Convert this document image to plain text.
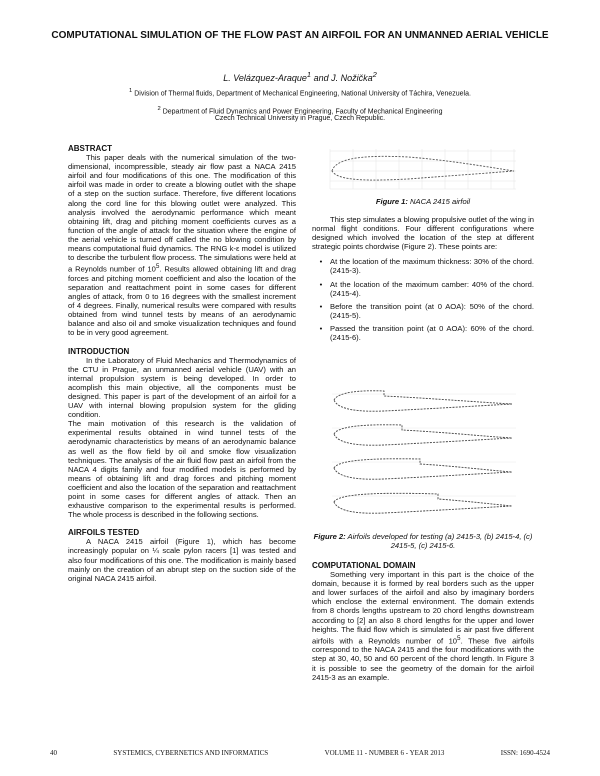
COMPUTATIONAL SIMULATION OF THE FLOW PAST AN AIRFOIL FOR AN UNMANNED AERIAL VEHICLE
L. Velázquez-Araque$^1$ and J. Nožička$^2$
$^1$ Division of Thermal fluids, Department of Mechanical Engineering, National University of Táchira, Venezuela.
$^2$ Department of Fluid Dynamics and Power Engineering, Faculty of Mechanical Engineering
Czech Technical University in Prague, Czech Republic.
ABSTRACT

This paper deals with the numerical simulation of the two-dimensional, incompressible, steady air flow past a NACA 2415 airfoil and four modifications of this one. The modification of this airfoil was made in order to create a blowing outlet with the shape of a step on the suction surface. Therefore, five different locations along the cord line for this blowing outlet were analyzed. This analysis involved the aerodynamic performance which meant obtaining lift, drag and pitching moment coefficients curves as a function of the angle of attack for the situation where the engine of the aerial vehicle is turned off called the no blowing condition by means computational fluid dynamics. The RNG k-ε model is utilized to describe the turbulent flow process. The simulations were held at a Reynolds number of $10^5$. Results allowed obtaining lift and drag forces and pitching moment coefficient and also the location of the separation and reattachment point in some cases for different angles of attack, from 0 to 16 degrees with the smallest increment of 4 degrees. Finally, numerical results were compared with results obtained from wind tunnel tests by means of an aerodynamic balance and also oil and smoke visualization techniques and found to be in very good agreement.

INTRODUCTION

In the Laboratory of Fluid Mechanics and Thermodynamics of the CTU in Prague, an unmanned aerial vehicle (UAV) with an internal propulsion system is being developed. In order to acomplish this main objective, all the components must be designed. This paper is part of the development of an airfoil for a UAV with internal blowing propulsion system for the gliding condition.

The main motivation of this research is the validation of experimental results obtained in wind tunnel tests of the aerodynamic characteristics by means of an aerodynamic balance as well as the flow field by oil and smoke flow visualization techniques. The analysis of the air fluid flow past an airfoil from the NACA 4 digits family and four modified models is performed by means of obtaining lift and drag forces and pitching moment coefficient and also the location of the separation and reattachment point in some cases for different angles of attack. Then an exhaustive comparison to the experimental results is performed. The whole process is described in the following sections.

AIRFOILS TESTED

A NACA 2415 airfoil (Figure 1), which has become increasingly popular on ¼ scale pylon racers [1] was tested and also four modifications of this one. The modification is mainly based mainly on the creation of an abrupt step on the suction side of the original NACA 2415 airfoil.

Figure 1: NACA 2415 airfoil

This step simulates a blowing propulsive outlet of the wing in normal flight conditions. Four different configurations where designed which involved the location of the step at different strategic points chordwise (Figure 2). These points are:

•	At the location of the maximum thickness: 30% of the chord. (2415-3).
•	At the location of the maximum camber: 40% of the chord. (2415-4).
•	Before the transition point (at 0 AOA): 50% of the chord. (2415-5).
•	Passed the transition point (at 0 AOA): 60% of the chord. (2415-6).
Figure 2: Airfoils developed for testing (a) 2415-3, (b) 2415-4, (c) 2415-5, (c) 2415-6.
COMPUTATIONAL DOMAIN

Something very important in this part is the choice of the domain, because it is formed by real borders such as the upper and lower surfaces of the airfoil and also by imaginary borders which enclose the external environment. The domain extends from 8 chords lengths upstream to 20 chord lengths downstream according to [2] an also 8 chord lengths for the upper and lower heights. The fluid flow which is simulated is air past five different airfoils with a Reynolds number of $10^5$. These five airfoils correspond to the NACA 2415 and the four modifications with the step at 30, 40, 50 and 60 percent of the chord length. In Figure 3 it is possible to see the geometry of the domain for the airfoil 2415-3 as an example.

40	SYSTEMICS, CYBERNETICS AND INFORMATICS	VOLUME 11 - NUMBER 6 - YEAR 2013	ISSN: 1690-4524
